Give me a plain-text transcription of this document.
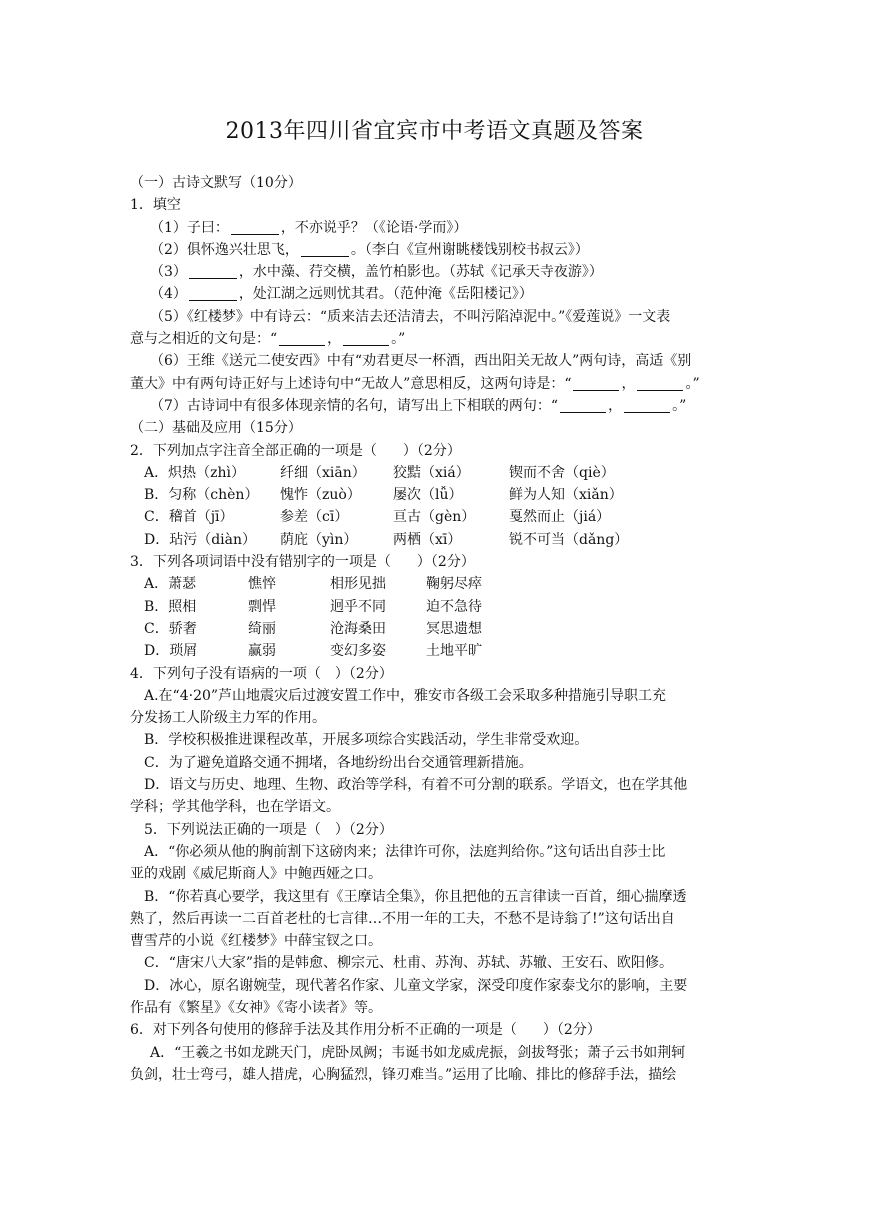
2013年四川省宜宾市中考语文真题及答案
（一）古诗文默写（10分）
1．填空
（1）子曰：	，不亦说乎？（《论语·学而》）
（2）俱怀逸兴壮思飞，	。（李白《宣州谢眺楼饯别校书叔云》）
（3）	，水中藻、荇交横，盖竹柏影也。（苏轼《记承天寺夜游》）
（4）	，处江湖之远则忧其君。（范仲淹《岳阳楼记》）
（5）《红楼梦》中有诗云：“质来洁去还洁清去，不叫污陷淖泥中。”《爱莲说》一文表
意与之相近的文句是：“	，	。”
（6）王维《送元二使安西》中有“劝君更尽一杯酒，西出阳关无故人”两句诗，高适《别
董大》中有两句诗正好与上述诗句中“无故人”意思相反，这两句诗是：“	，	。”
（7）古诗词中有很多体现亲情的名句，请写出上下相联的两句：“	，	。”
（二）基础及应用（15分）
2．下列加点字注音全部正确的一项是（ ）（2分）
A．炽热（zhì）	纤细（xiān）	狡黠（xiá）	锲而不舍（qiè）
B．匀称（chèn）	愧怍（zuò）	屡次（lǚ）	鲜为人知（xiǎn）
C．稽首（jī）	参差（cī）	亘古（gèn）	戛然而止（jiá）
D．玷污（diàn）	荫庇（yìn）	两栖（xī）	锐不可当（dǎng）
3．下列各项词语中没有错别字的一项是（ ）（2分）
A．萧瑟	憔悴	相形见拙	鞠躬尽瘁
B．照相	剽悍	迥乎不同	迫不急待
C．骄奢	绮丽	沧海桑田	冥思遗想
D．琐屑	赢弱	变幻多姿	土地平旷
4．下列句子没有语病的一项（　）（2分）
A.在“4·20”芦山地震灾后过渡安置工作中，雅安市各级工会采取多种措施引导职工充
分发扬工人阶级主力军的作用。
B．学校积极推进课程改革，开展多项综合实践活动，学生非常受欢迎。
C．为了避免道路交通不拥堵，各地纷纷出台交通管理新措施。
D．语文与历史、地理、生物、政治等学科，有着不可分割的联系。学语文，也在学其他
学科；学其他学科，也在学语文。
5．下列说法正确的一项是（　）（2分）
A．“你必须从他的胸前割下这磅肉来；法律许可你，法庭判给你。”这句话出自莎士比
亚的戏剧《威尼斯商人》中鲍西娅之口。
B．“你若真心要学，我这里有《王摩诘全集》，你且把他的五言律读一百首，细心揣摩透
熟了，然后再读一二百首老杜的七言律…不用一年的工夫，不愁不是诗翁了!”这句话出自
曹雪芹的小说《红楼梦》中薛宝钗之口。
C．“唐宋八大家”指的是韩愈、柳宗元、杜甫、苏洵、苏轼、苏辙、王安石、欧阳修。
D．冰心，原名谢婉莹，现代著名作家、儿童文学家，深受印度作家泰戈尔的影响，主要
作品有《繁星》《女神》《寄小读者》等。
6．对下列各句使用的修辞手法及其作用分析不正确的一项是（ ）（2分）
A．“王羲之书如龙跳天门，虎卧凤阙；韦诞书如龙威虎振，剑拔弩张；萧子云书如荆轲
负剑，壮士弯弓，雄人措虎，心胸猛烈，锋刃难当。”运用了比喻、排比的修辞手法，描绘
